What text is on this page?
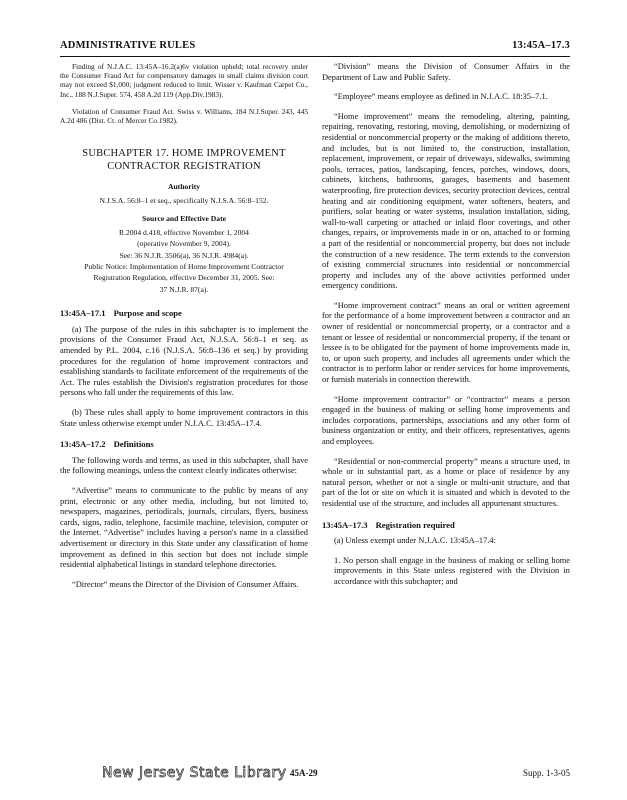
ADMINISTRATIVE RULES	13:45A–17.3

Finding of N.J.A.C. 13:45A–16.2(a)6v violation upheld; total recovery under the Consumer Fraud Act for compensatory damages in small claims division court may not exceed $1,000; judgment reduced to limit. Wisser v. Kaufman Carpet Co., Inc., 188 N.J.Super. 574, 458 A.2d 119 (App.Div.1983).

Violation of Consumer Fraud Act. Swiss v. Williams, 184 N.J.Super. 243, 445 A.2d 486 (Dist. Ct. of Mercer Co.1982).

SUBCHAPTER 17. HOME IMPROVEMENT CONTRACTOR REGISTRATION
Authority
N.J.S.A. 56:8–1 et seq., specifically N.J.S.A. 56:8–152.
Source and Effective Date
R.2004 d.418, effective November 1, 2004
(operative November 9, 2004).
See: 36 N.J.R. 3506(a), 36 N.J.R. 4984(a).
Public Notice: Implementation of Home Improvement Contractor
Registration Regulation, effective December 31, 2005. See:
37 N.J.R. 87(a).
13:45A–17.1 Purpose and scope

(a) The purpose of the rules in this subchapter is to implement the provisions of the Consumer Fraud Act, N.J.S.A. 56:8–1 et seq. as amended by P.L. 2004, c.16 (N.J.S.A. 56:8–136 et seq.) by providing procedures for the regulation of home improvement contractors and establishing standards to facilitate enforcement of the requirements of the Act. The rules establish the Division's registration procedures for those persons who fall under the requirements of this law.

(b) These rules shall apply to home improvement contractors in this State unless otherwise exempt under N.J.A.C. 13:45A–17.4.

13:45A–17.2 Definitions

The following words and terms, as used in this subchapter, shall have the following meanings, unless the context clearly indicates otherwise:

“Advertise” means to communicate to the public by means of any print, electronic or any other media, including, but not limited to, newspapers, magazines, periodicals, journals, circulars, flyers, business cards, signs, radio, telephone, facsimile machine, television, computer or the Internet. “Advertise” includes having a person's name in a classified advertisement or directory in this State under any classification of home improvement as defined in this section but does not include simple residential alphabetical listings in standard telephone directories.

“Director” means the Director of the Division of Consumer Affairs.

“Division” means the Division of Consumer Affairs in the Department of Law and Public Safety.

“Employee” means employee as defined in N.J.A.C. 18:35–7.1.

“Home improvement” means the remodeling, altering, painting, repairing, renovating, restoring, moving, demolishing, or modernizing of residential or noncommercial property or the making of additions thereto, and includes, but is not limited to, the construction, installation, replacement, improvement, or repair of driveways, sidewalks, swimming pools, terraces, patios, landscaping, fences, porches, windows, doors, cabinets, kitchens, bathrooms, garages, basements and basement waterproofing, fire protection devices, security protection devices, central heating and air conditioning equipment, water softeners, heaters, and purifiers, solar heating or water systems, insulation installation, siding, wall-to-wall carpeting or attached or inlaid floor coverings, and other changes, repairs, or improvements made in or on, attached to or forming a part of the residential or noncommercial property, but does not include the construction of a new residence. The term extends to the conversion of existing commercial structures into residential or noncommercial property and includes any of the above activities performed under emergency conditions.

“Home improvement contract” means an oral or written agreement for the performance of a home improvement between a contractor and an owner of residential or noncommercial property, or a contractor and a tenant or lessee of residential or noncommercial property, if the tenant or lessee is to be obligated for the payment of home improvements made in, to, or upon such property, and includes all agreements under which the contractor is to perform labor or render services for home improvements, or furnish materials in connection therewith.

“Home improvement contractor” or “contractor” means a person engaged in the business of making or selling home improvements and includes corporations, partnerships, associations and any other form of business organization or entity, and their officers, representatives, agents and employees.

“Residential or non-commercial property” means a structure used, in whole or in substantial part, as a home or place of residence by any natural person, whether or not a single or multi-unit structure, and that part of the lot or site on which it is situated and which is devoted to the residential use of the structure, and includes all appurtenant structures.

13:45A–17.3 Registration required

(a) Unless exempt under N.J.A.C. 13:45A–17.4:

1. No person shall engage in the business of making or selling home improvements in this State unless registered with the Division in accordance with this subchapter; and

New Jersey State Library 45A-29	Supp. 1-3-05
